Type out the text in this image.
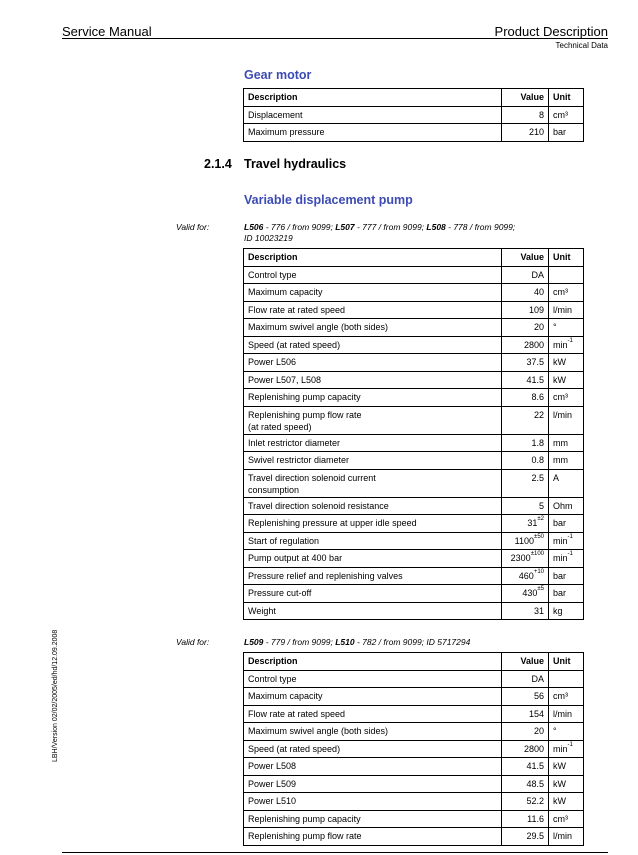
Service Manual	Product Description
Technical Data
LBH/Version 02/02/2005/ed/hd/12.09.2008
Gear motor
Description	Value	Unit
Displacement	8	cm³
Maximum pressure	210	bar
2.1.4 Travel hydraulics
Variable displacement pump
Valid for:	L506 - 776 / from 9099; L507 - 777 / from 9099; L508 - 778 / from 9099;
ID 10023219
Description	Value	Unit
Control type	DA	
Maximum capacity	40	cm³
Flow rate at rated speed	109	l/min
Maximum swivel angle (both sides)	20	°
Speed (at rated speed)	2800	$\min^{-1}$
Power L506	37.5	kW
Power L507, L508	41.5	kW
Replenishing pump capacity	8.6	cm³
Replenishing pump flow rate
(at rated speed)	22	l/min
Inlet restrictor diameter	1.8	mm
Swivel restrictor diameter	0.8	mm
Travel direction solenoid current
consumption	2.5	A
Travel direction solenoid resistance	5	Ohm
Replenishing pressure at upper idle speed	$31^{\pm 2}$	bar
Start of regulation	$1100^{\pm 50}$	$\min^{-1}$
Pump output at 400 bar	$2300^{\pm 100}$	$\min^{-1}$
Pressure relief and replenishing valves	$460^{+10}$	bar
Pressure cut-off	$430^{\pm 5}$	bar
Weight	31	kg
Valid for:	L509 - 779 / from 9099; L510 - 782 / from 9099; ID 5717294
Description	Value	Unit
Control type	DA	
Maximum capacity	56	cm³
Flow rate at rated speed	154	l/min
Maximum swivel angle (both sides)	20	°
Speed (at rated speed)	2800	$\min^{-1}$
Power L508	41.5	kW
Power L509	48.5	kW
Power L510	52.2	kW
Replenishing pump capacity	11.6	cm³
Replenishing pump flow rate	29.5	l/min
